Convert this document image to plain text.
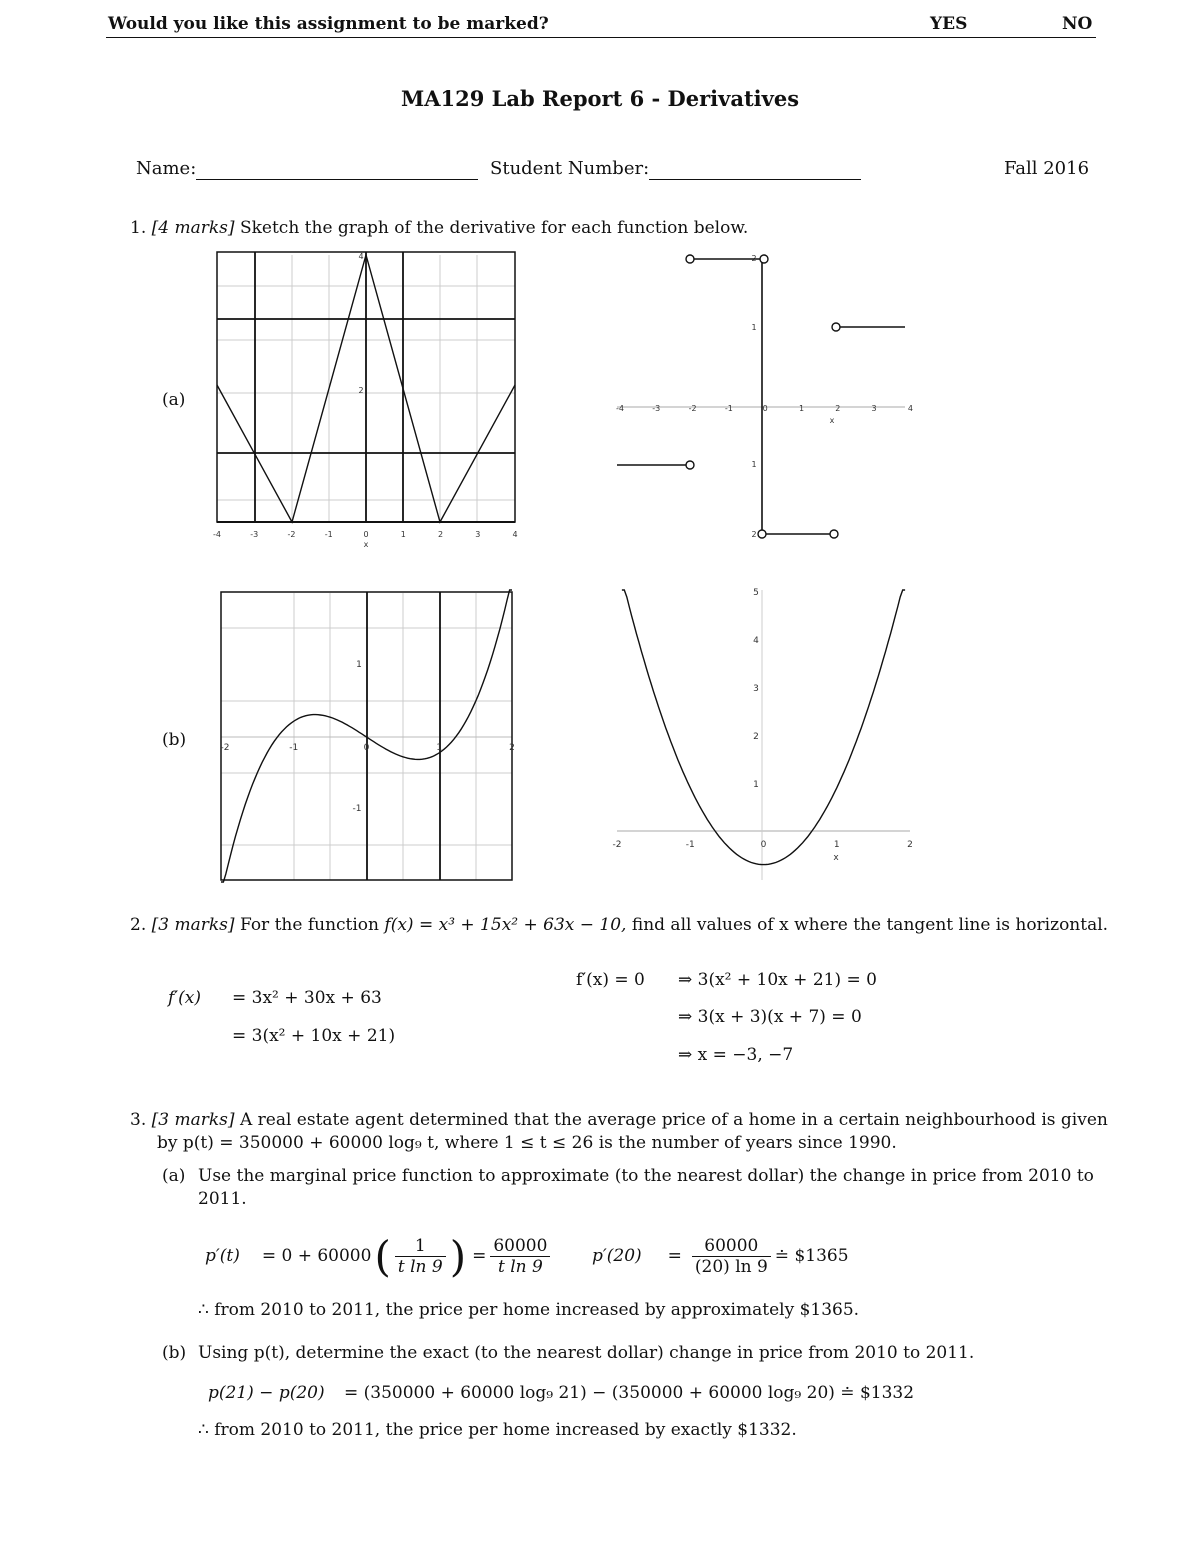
Would you like this assignment to be marked?	YES	NO
MA129 Lab Report 6 - Derivatives
Name:	Student Number:	Fall 2016
1. [4 marks] Sketch the graph of the derivative for each function below.
(a)
(b)
-4	-3	-2	-1	0	1	2	3	4
x
2
4
-4	-3	-2	-1	0	1	2	3	4
x
2
1
1
2
-2	-1	0	1	2
1
-1
-2	-1	0	1	2
x
5
4
3
2
1
2. [3 marks] For the function f(x) = x³ + 15x² + 63x − 10, find all values of x where the tangent line is horizontal.
f′(x) = 3x² + 30x + 63
= 3(x² + 10x + 21)
f′(x) = 0 ⇒ 3(x² + 10x + 21) = 0
⇒ 3(x + 3)(x + 7) = 0
⇒ x = −3, −7
3. [3 marks] A real estate agent determined that the average price of a home in a certain neighbourhood is given
by p(t) = 350000 + 60000 log₉ t, where 1 ≤ t ≤ 26 is the number of years since 1990.
(a) Use the marginal price function to approximate (to the nearest dollar) the change in price from 2010 to
2011.
p′(t) = 0 + 60000 ( $\frac{1}{\text{t ln 9}}$ ) = $\frac{60000}{\text{t ln 9}} p'(20) = \frac{60000}{(20) \ln 9}$ ≐ $1365
∴ from 2010 to 2011, the price per home increased by approximately $1365.
(b) Using p(t), determine the exact (to the nearest dollar) change in price from 2010 to 2011.
p(21) − p(20) = (350000 + 60000 log₉ 21) − (350000 + 60000 log₉ 20) ≐ $1332
∴ from 2010 to 2011, the price per home increased by exactly $1332.
